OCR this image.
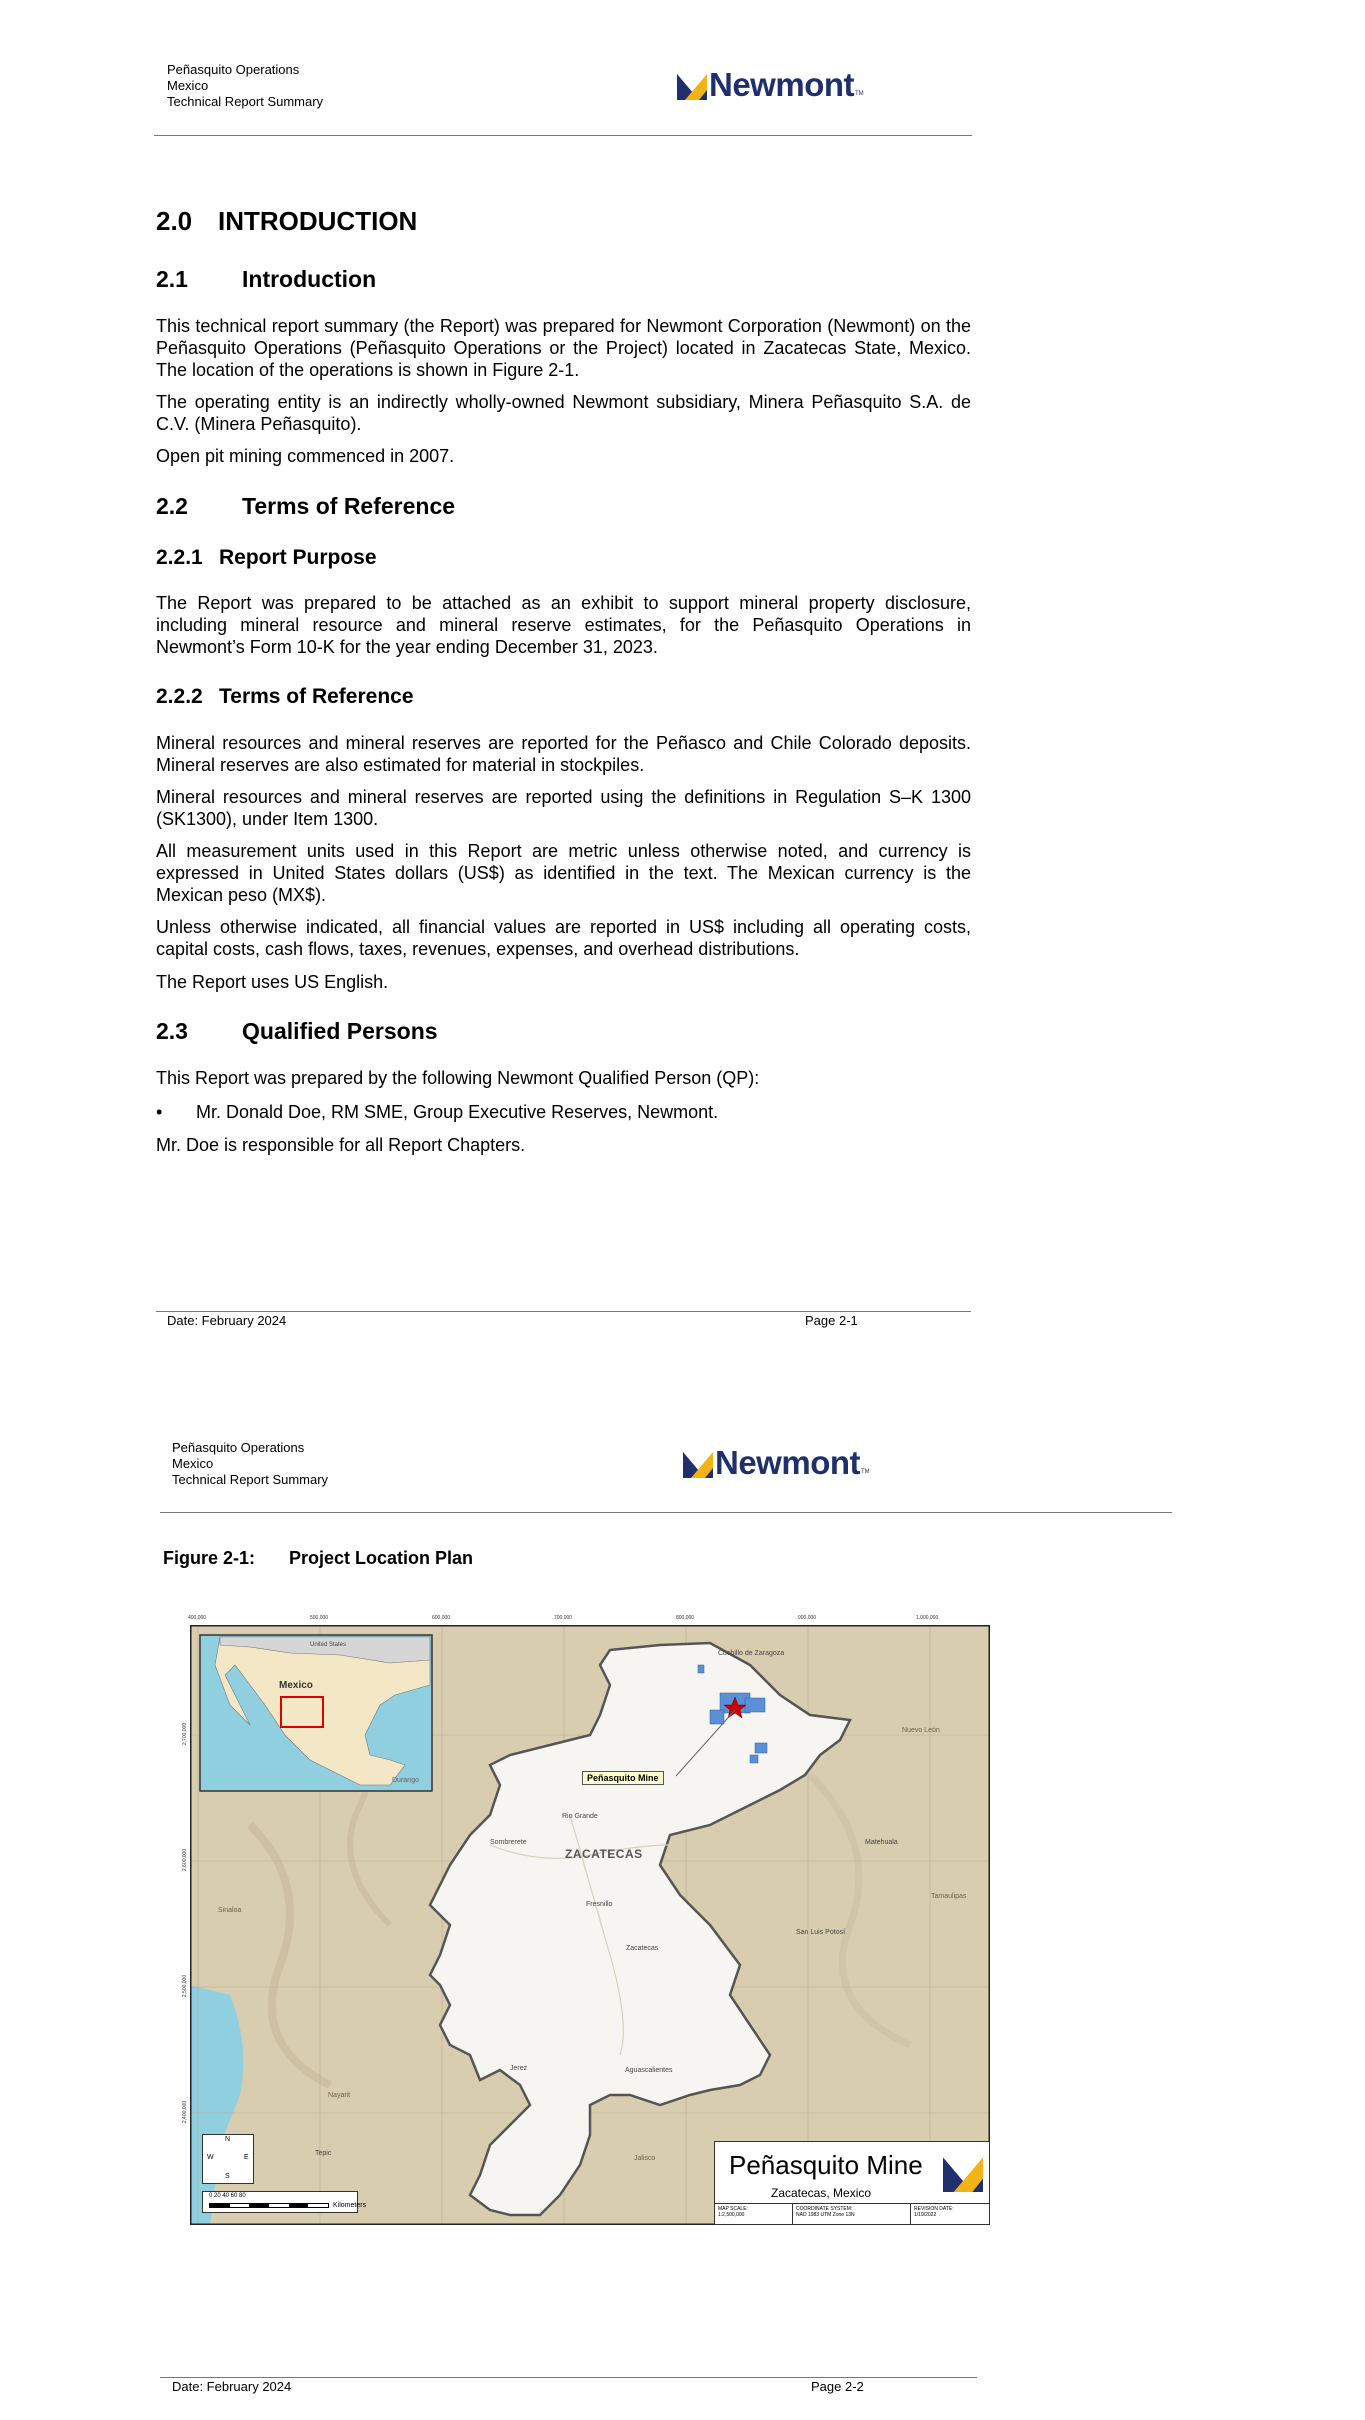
Peñasquito Operations
Mexico
Technical Report Summary	Newmont TM
2.0 INTRODUCTION
2.1 Introduction
This technical report summary (the Report) was prepared for Newmont Corporation (Newmont) on the Peñasquito Operations (Peñasquito Operations or the Project) located in Zacatecas State, Mexico. The location of the operations is shown in Figure 2-1.
The operating entity is an indirectly wholly-owned Newmont subsidiary, Minera Peñasquito S.A. de C.V. (Minera Peñasquito).
Open pit mining commenced in 2007.
2.2 Terms of Reference
2.2.1 Report Purpose
The Report was prepared to be attached as an exhibit to support mineral property disclosure, including mineral resource and mineral reserve estimates, for the Peñasquito Operations in Newmont’s Form 10-K for the year ending December 31, 2023.
2.2.2 Terms of Reference
Mineral resources and mineral reserves are reported for the Peñasco and Chile Colorado deposits. Mineral reserves are also estimated for material in stockpiles.
Mineral resources and mineral reserves are reported using the definitions in Regulation S–K 1300 (SK1300), under Item 1300.
All measurement units used in this Report are metric unless otherwise noted, and currency is expressed in United States dollars (US$) as identified in the text. The Mexican currency is the Mexican peso (MX$).
Unless otherwise indicated, all financial values are reported in US$ including all operating costs, capital costs, cash flows, taxes, revenues, expenses, and overhead distributions.
The Report uses US English.
2.3 Qualified Persons
This Report was prepared by the following Newmont Qualified Person (QP):
• Mr. Donald Doe, RM SME, Group Executive Reserves, Newmont.
Mr. Doe is responsible for all Report Chapters.
Date: February 2024	Page 2-1
Peñasquito Operations
Mexico
Technical Report Summary	Newmont TM
Figure 2-1: Project Location Plan
Mexico
United States
ZACATECAS
Peñasquito Mine
Cuchillo de Zaragoza
Rio Grande
Sombrerete
Fresnillo
Zacatecas
Aguascalientes
San Luis Potosí
Nuevo León
Jalisco
Nayarit
Durango
Sinaloa
Tamaulipas
Matehuala
Tepic
Jerez
400,000	500,000	600,000	700,000	800,000	900,000	1,000,000
2,700,000
2,600,000
2,500,000
2,400,000
N
S
W	E
0 20 40 60 80
Kilometers
Peñasquito Mine
Zacatecas, Mexico
MAP SCALE:
1:2,500,000
COORDINATE SYSTEM:
NAD 1983 UTM Zone 13N
REVISION DATE:
1/19/2022
Date: February 2024	Page 2-2
